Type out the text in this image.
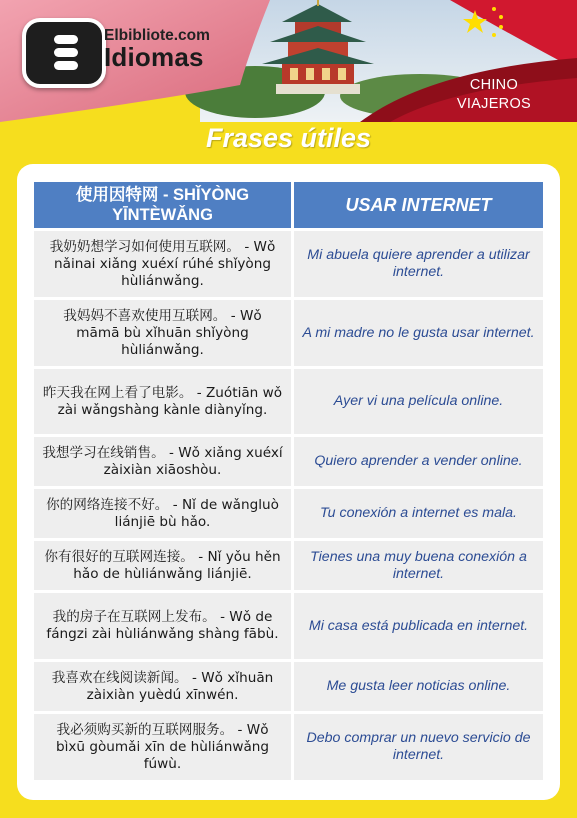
Elbibliote.com
Idiomas
CHINO
VIAJEROS
Frases útiles
使用因特网 - SHǏYÒNG YĪNTÈWǍNG	USAR INTERNET
我奶奶想学习如何使用互联网。 - Wǒ nǎinai xiǎng xuéxí rúhé shǐyòng hùliánwǎng.	Mi abuela quiere aprender a utilizar internet.
我妈妈不喜欢使用互联网。 - Wǒ māmā bù xǐhuān shǐyòng hùliánwǎng.	A mi madre no le gusta usar internet.
昨天我在网上看了电影。 - Zuótiān wǒ zài wǎngshàng kànle diànyǐng.	Ayer vi una película online.
我想学习在线销售。 - Wǒ xiǎng xuéxí zàixiàn xiāoshòu.	Quiero aprender a vender online.
你的网络连接不好。 - Nǐ de wǎngluò liánjiē bù hǎo.	Tu conexión a internet es mala.
你有很好的互联网连接。 - Nǐ yǒu hěn hǎo de hùliánwǎng liánjiē.	Tienes una muy buena conexión a internet.
我的房子在互联网上发布。 - Wǒ de fángzi zài hùliánwǎng shàng fābù.	Mi casa está publicada en internet.
我喜欢在线阅读新闻。 - Wǒ xǐhuān zàixiàn yuèdú xīnwén.	Me gusta leer noticias online.
我必须购买新的互联网服务。 - Wǒ bìxū gòumǎi xīn de hùliánwǎng fúwù.	Debo comprar un nuevo servicio de internet.
